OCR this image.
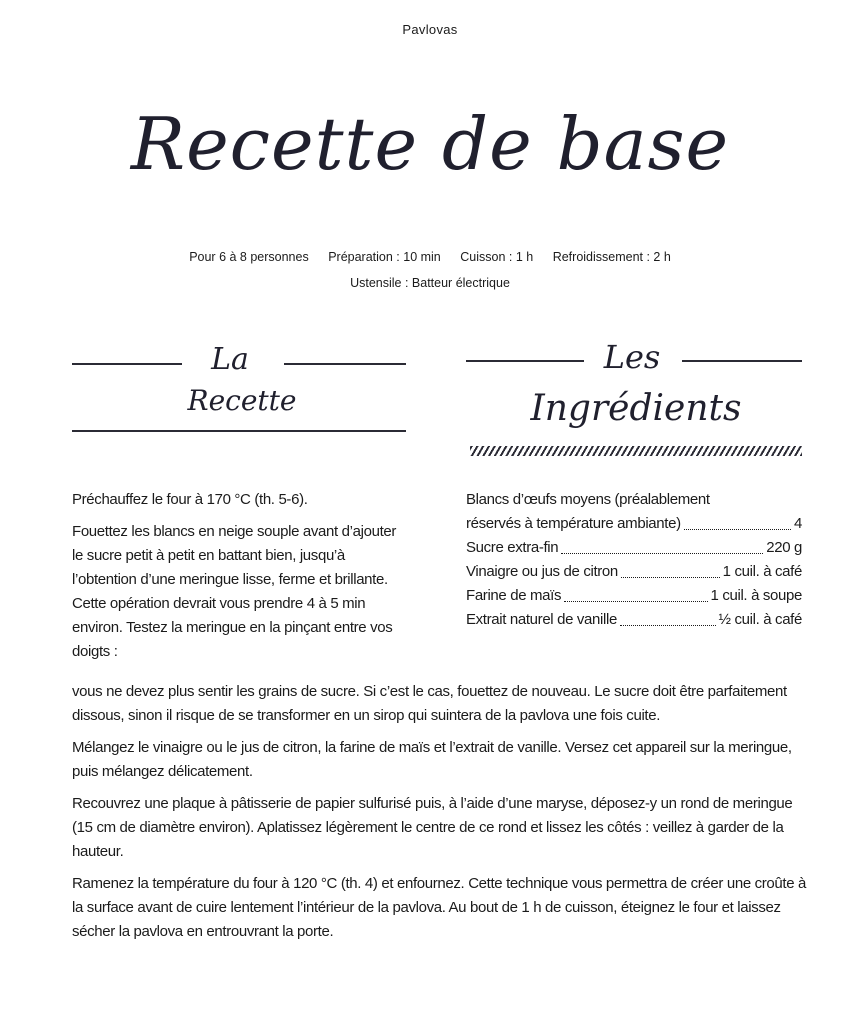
Pavlovas
Recette de base
Pour 6 à 8 personnes Préparation : 10 min Cuisson : 1 h Refroidissement : 2 h
Ustensile : Batteur électrique
La
Recette
Les
Ingrédients

Préchauffez le four à 170 °C (th. 5-6).

Fouettez les blancs en neige souple avant d’ajouter le sucre petit à petit en battant bien, jusqu’à l’obtention d’une meringue lisse, ferme et brillante. Cette opération devrait vous prendre 4 à 5 min environ. Testez la meringue en la pinçant entre vos doigts :

Blancs d’œufs moyens (préalablement
réservés à température ambiante)	4
Sucre extra-fin	220 g
Vinaigre ou jus de citron	1 cuil. à café
Farine de maïs	1 cuil. à soupe
Extrait naturel de vanille	½ cuil. à café

vous ne devez plus sentir les grains de sucre. Si c’est le cas, fouettez de nouveau. Le sucre doit être parfaitement dissous, sinon il risque de se transformer en un sirop qui suintera de la pavlova une fois cuite.

Mélangez le vinaigre ou le jus de citron, la farine de maïs et l’extrait de vanille. Versez cet appareil sur la meringue, puis mélangez délicatement.

Recouvrez une plaque à pâtisserie de papier sulfurisé puis, à l’aide d’une maryse, déposez-y un rond de meringue (15 cm de diamètre environ). Aplatissez légèrement le centre de ce rond et lissez les côtés : veillez à garder de la hauteur.

Ramenez la température du four à 120 °C (th. 4) et enfournez. Cette technique vous permettra de créer une croûte à la surface avant de cuire lentement l’intérieur de la pavlova. Au bout de 1 h de cuisson, éteignez le four et laissez sécher la pavlova en entrouvrant la porte.
